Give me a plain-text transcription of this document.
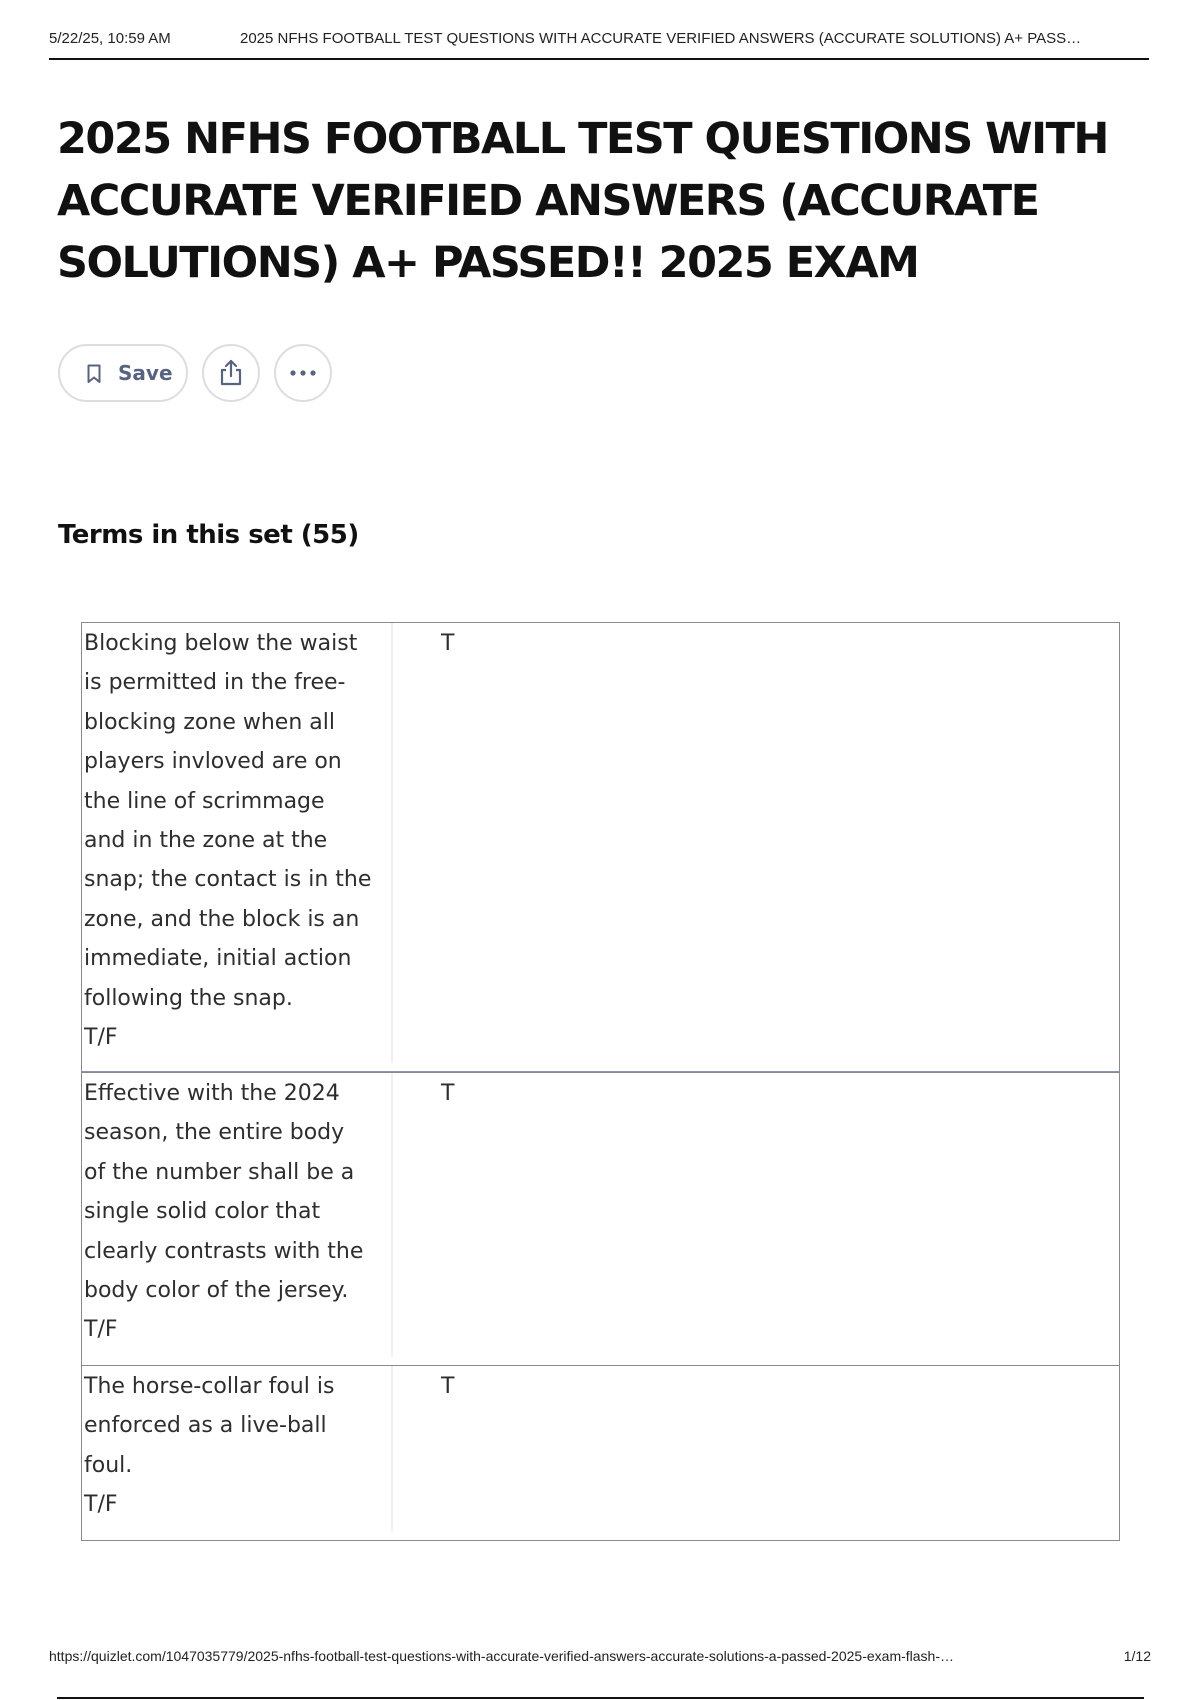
5/22/25, 10:59 AM	2025 NFHS FOOTBALL TEST QUESTIONS WITH ACCURATE VERIFIED ANSWERS (ACCURATE SOLUTIONS) A+ PASS…
2025 NFHS FOOTBALL TEST QUESTIONS WITH ACCURATE VERIFIED ANSWERS (ACCURATE SOLUTIONS) A+ PASSED!! 2025 EXAM
Save
Terms in this set (55)
Blocking below the waist
is permitted in the free-
blocking zone when all
players invloved are on
the line of scrimmage
and in the zone at the
snap; the contact is in the
zone, and the block is an
immediate, initial action
following the snap.
T/F
T
Effective with the 2024
season, the entire body
of the number shall be a
single solid color that
clearly contrasts with the
body color of the jersey.
T/F
T
The horse-collar foul is
enforced as a live-ball
foul.
T/F
T
https://quizlet.com/1047035779/2025-nfhs-football-test-questions-with-accurate-verified-answers-accurate-solutions-a-passed-2025-exam-flash-…	1/12
